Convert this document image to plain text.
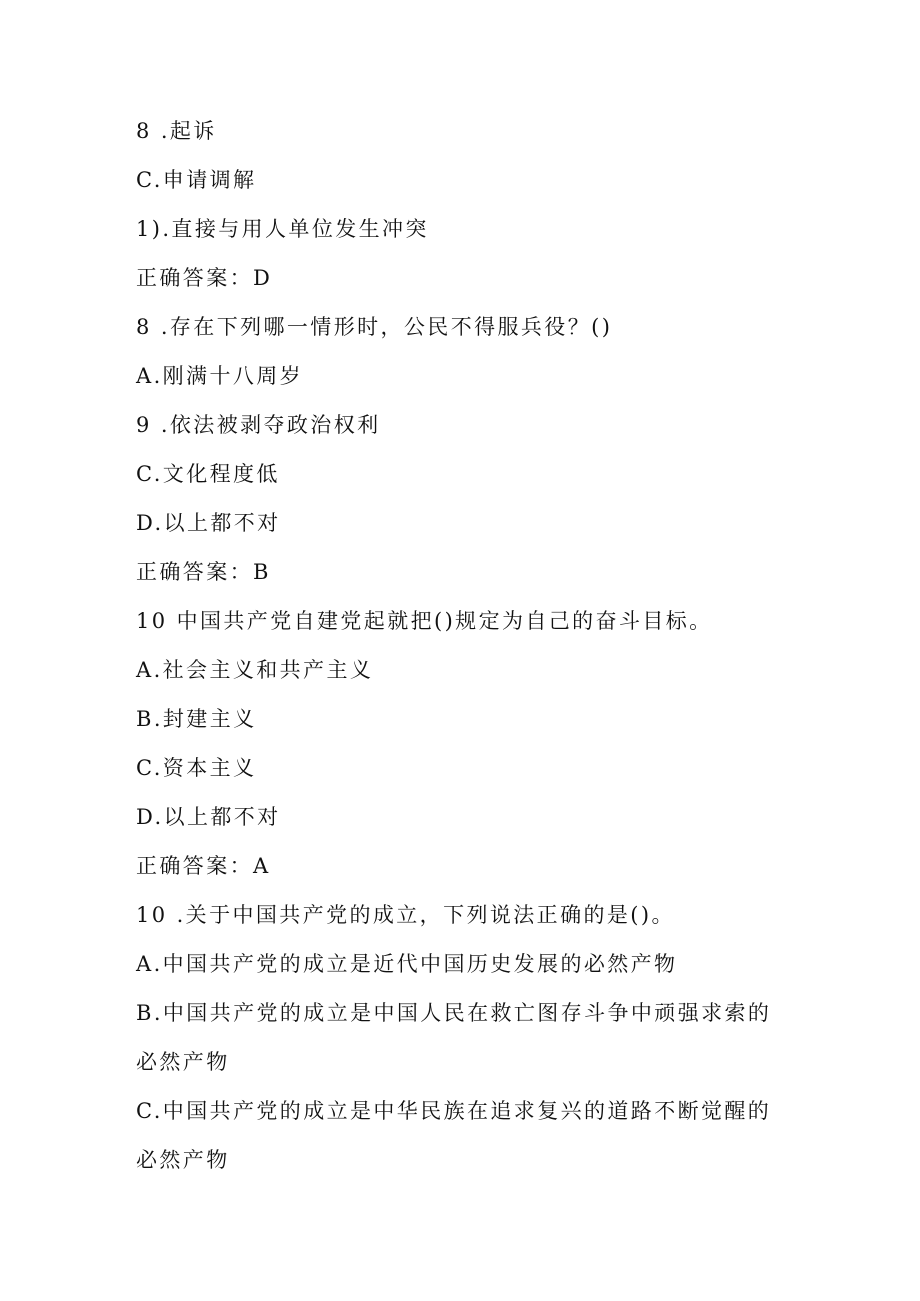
8 .起诉
C.申请调解
1).直接与用人单位发生冲突
正确答案：D
8 .存在下列哪一情形时，公民不得服兵役？()
A.刚满十八周岁
9 .依法被剥夺政治权利
C.文化程度低
D.以上都不对
正确答案：B
10 中国共产党自建党起就把()规定为自己的奋斗目标。
A.社会主义和共产主义
B.封建主义
C.资本主义
D.以上都不对
正确答案：A
10 .关于中国共产党的成立，下列说法正确的是()。
A.中国共产党的成立是近代中国历史发展的必然产物
B.中国共产党的成立是中国人民在救亡图存斗争中顽强求索的
必然产物
C.中国共产党的成立是中华民族在追求复兴的道路不断觉醒的
必然产物
